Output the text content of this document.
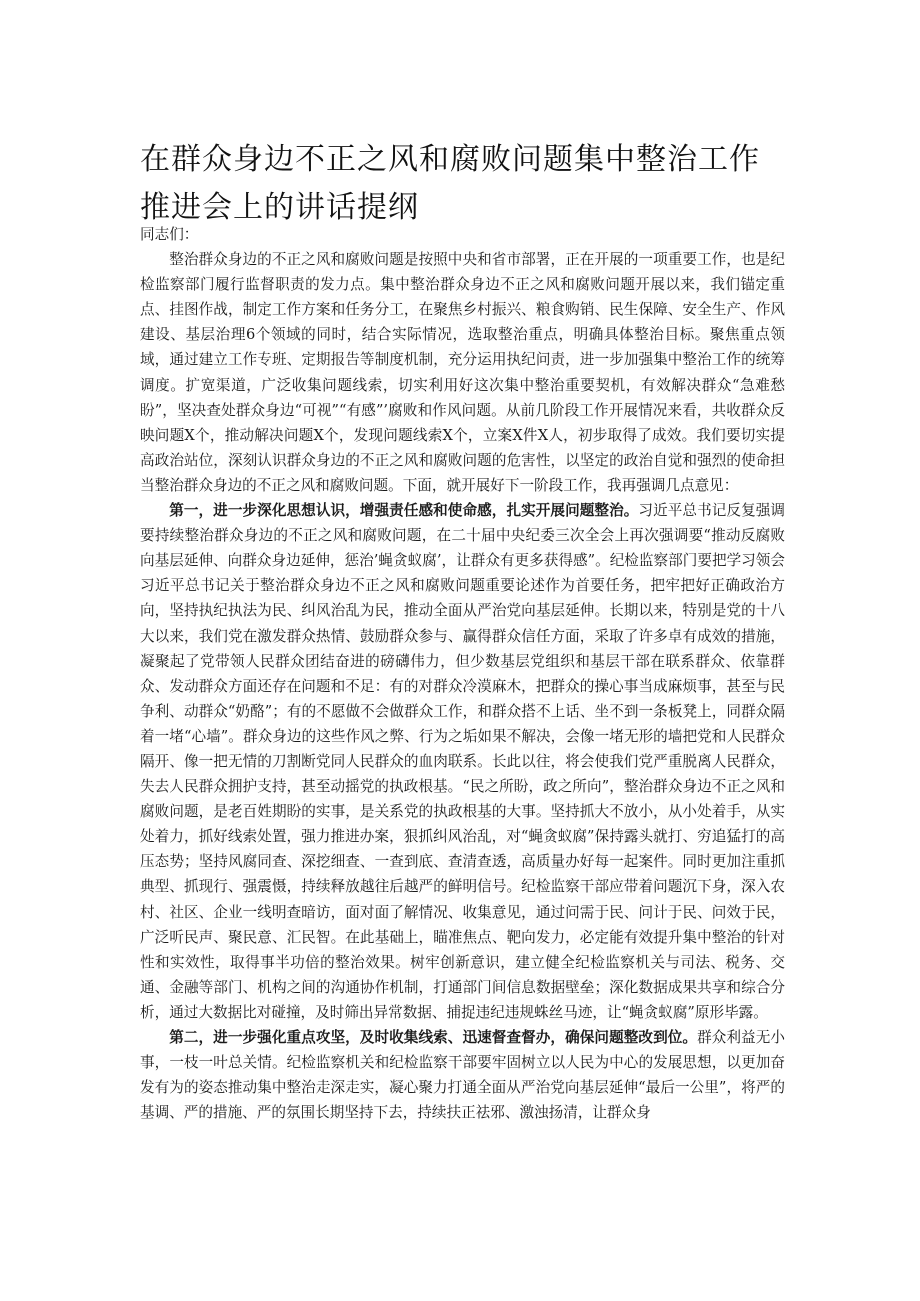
在群众身边不正之风和腐败问题集中整治工作推进会上的讲话提纲

同志们：

整治群众身边的不正之风和腐败问题是按照中央和省市部署，正在开展的一项重要工作，也是纪检监察部门履行监督职责的发力点。集中整治群众身边不正之风和腐败问题开展以来，我们锚定重点、挂图作战，制定工作方案和任务分工，在聚焦乡村振兴、粮食购销、民生保障、安全生产、作风建设、基层治理6个领域的同时，结合实际情况，选取整治重点，明确具体整治目标。聚焦重点领域，通过建立工作专班、定期报告等制度机制，充分运用执纪问责，进一步加强集中整治工作的统筹调度。扩宽渠道，广泛收集问题线索，切实利用好这次集中整治重要契机，有效解决群众“急难愁盼”，坚决查处群众身边“可视”“有感”’腐败和作风问题。从前几阶段工作开展情况来看，共收群众反映问题X个，推动解决问题X个，发现问题线索X个，立案X件X人，初步取得了成效。我们要切实提高政治站位，深刻认识群众身边的不正之风和腐败问题的危害性，以坚定的政治自觉和强烈的使命担当整治群众身边的不正之风和腐败问题。下面，就开展好下一阶段工作，我再强调几点意见：

第一，进一步深化思想认识，增强责任感和使命感，扎实开展问题整治。习近平总书记反复强调要持续整治群众身边的不正之风和腐败问题，在二十届中央纪委三次全会上再次强调要“推动反腐败向基层延伸、向群众身边延伸，惩治’蝇贪蚁腐’，让群众有更多获得感”。纪检监察部门要把学习领会习近平总书记关于整治群众身边不正之风和腐败问题重要论述作为首要任务，把牢把好正确政治方向，坚持执纪执法为民、纠风治乱为民，推动全面从严治党向基层延伸。长期以来，特别是党的十八大以来，我们党在激发群众热情、鼓励群众参与、赢得群众信任方面，采取了许多卓有成效的措施，凝聚起了党带领人民群众团结奋进的磅礴伟力，但少数基层党组织和基层干部在联系群众、依靠群众、发动群众方面还存在问题和不足：有的对群众冷漠麻木，把群众的操心事当成麻烦事，甚至与民争利、动群众“奶酪”；有的不愿做不会做群众工作，和群众搭不上话、坐不到一条板凳上，同群众隔着一堵“心墙”。群众身边的这些作风之弊、行为之垢如果不解决，会像一堵无形的墙把党和人民群众隔开、像一把无情的刀割断党同人民群众的血肉联系。长此以往，将会使我们党严重脱离人民群众，失去人民群众拥护支持，甚至动摇党的执政根基。“民之所盼，政之所向”，整治群众身边不正之风和腐败问题，是老百姓期盼的实事，是关系党的执政根基的大事。坚持抓大不放小，从小处着手，从实处着力，抓好线索处置，强力推进办案，狠抓纠风治乱，对“蝇贪蚁腐”保持露头就打、穷追猛打的高压态势；坚持风腐同查、深挖细查、一查到底、查清查透，高质量办好每一起案件。同时更加注重抓典型、抓现行、强震慑，持续释放越往后越严的鲜明信号。纪检监察干部应带着问题沉下身，深入农村、社区、企业一线明查暗访，面对面了解情况、收集意见，通过问需于民、问计于民、问效于民，广泛听民声、聚民意、汇民智。在此基础上，瞄准焦点、靶向发力，必定能有效提升集中整治的针对性和实效性，取得事半功倍的整治效果。树牢创新意识，建立健全纪检监察机关与司法、税务、交通、金融等部门、机构之间的沟通协作机制，打通部门间信息数据壁垒；深化数据成果共享和综合分析，通过大数据比对碰撞，及时筛出异常数据、捕捉违纪违规蛛丝马迹，让“蝇贪蚁腐”原形毕露。

第二，进一步强化重点攻坚，及时收集线索、迅速督查督办，确保问题整改到位。群众利益无小事，一枝一叶总关情。纪检监察机关和纪检监察干部要牢固树立以人民为中心的发展思想，以更加奋发有为的姿态推动集中整治走深走实，凝心聚力打通全面从严治党向基层延伸“最后一公里”，将严的基调、严的措施、严的氛围长期坚持下去，持续扶正祛邪、激浊扬清，让群众身
